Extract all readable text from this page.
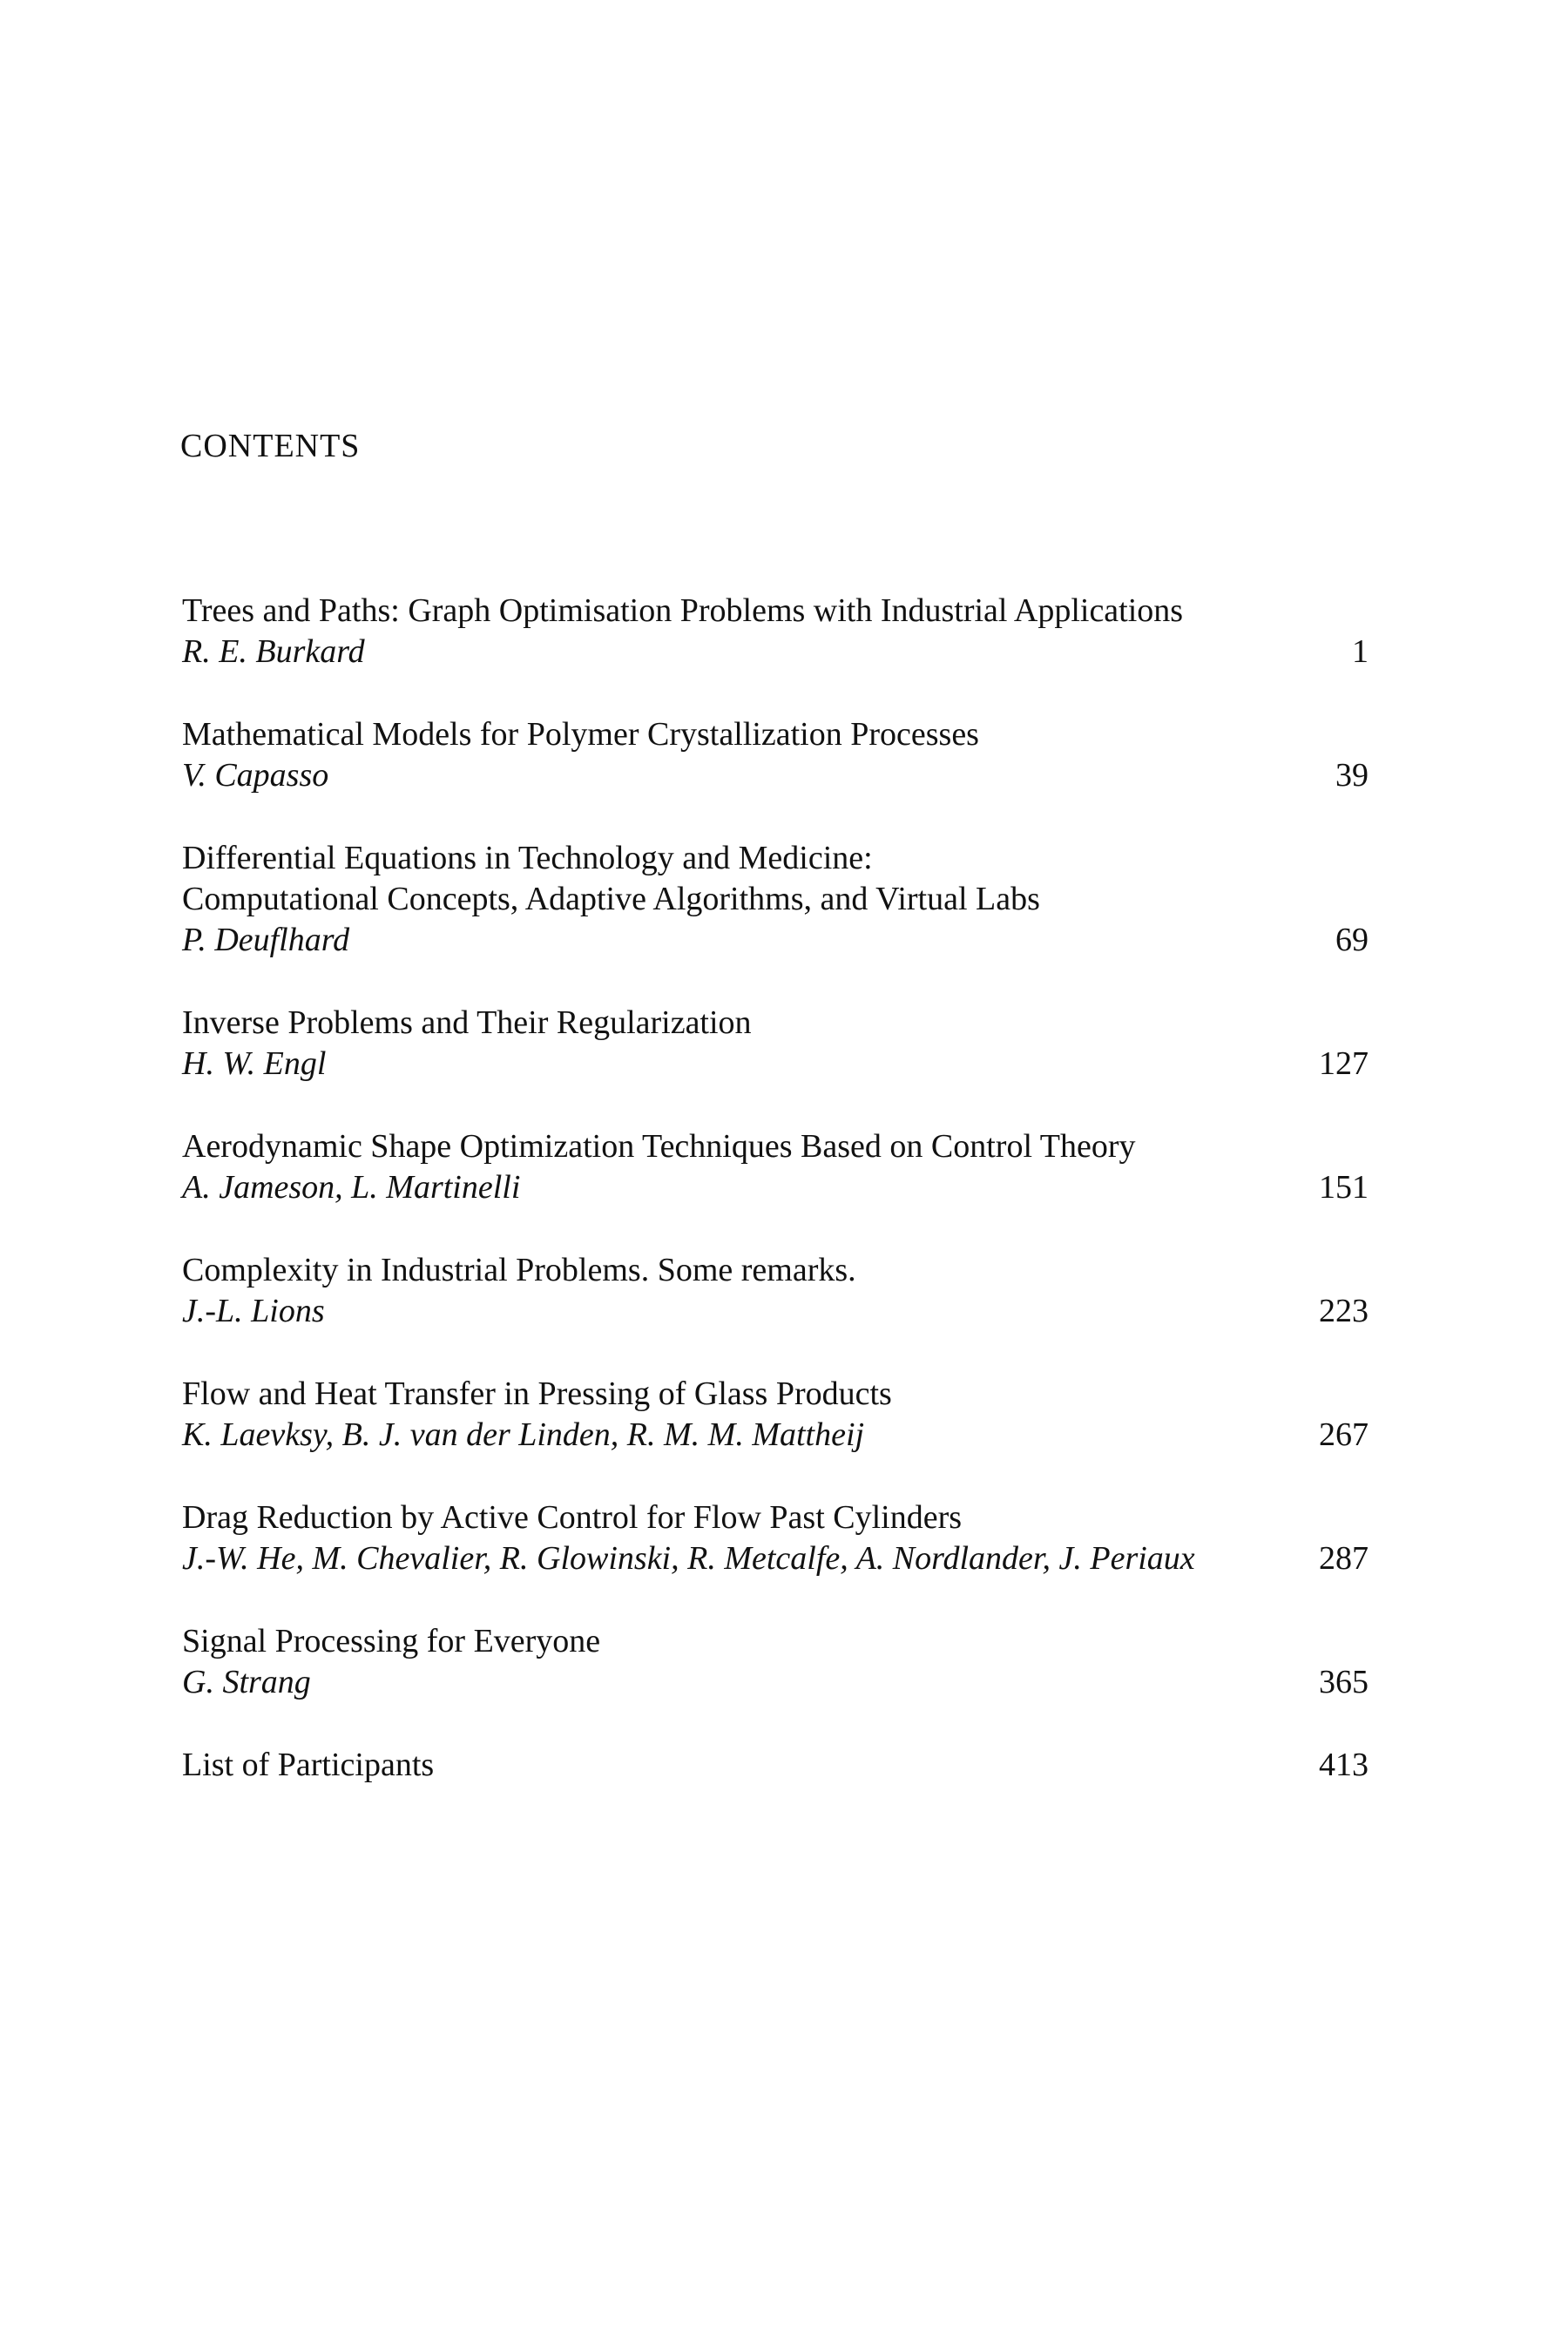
CONTENTS
Trees and Paths: Graph Optimisation Problems with Industrial Applications
R. E. Burkard	1
Mathematical Models for Polymer Crystallization Processes
V. Capasso	39
Differential Equations in Technology and Medicine:
Computational Concepts, Adaptive Algorithms, and Virtual Labs
P. Deuflhard	69
Inverse Problems and Their Regularization
H. W. Engl	127
Aerodynamic Shape Optimization Techniques Based on Control Theory
A. Jameson, L. Martinelli	151
Complexity in Industrial Problems. Some remarks.
J.-L. Lions	223
Flow and Heat Transfer in Pressing of Glass Products
K. Laevksy, B. J. van der Linden, R. M. M. Mattheij	267
Drag Reduction by Active Control for Flow Past Cylinders
J.-W. He, M. Chevalier, R. Glowinski, R. Metcalfe, A. Nordlander, J. Periaux	287
Signal Processing for Everyone
G. Strang	365
List of Participants	413
